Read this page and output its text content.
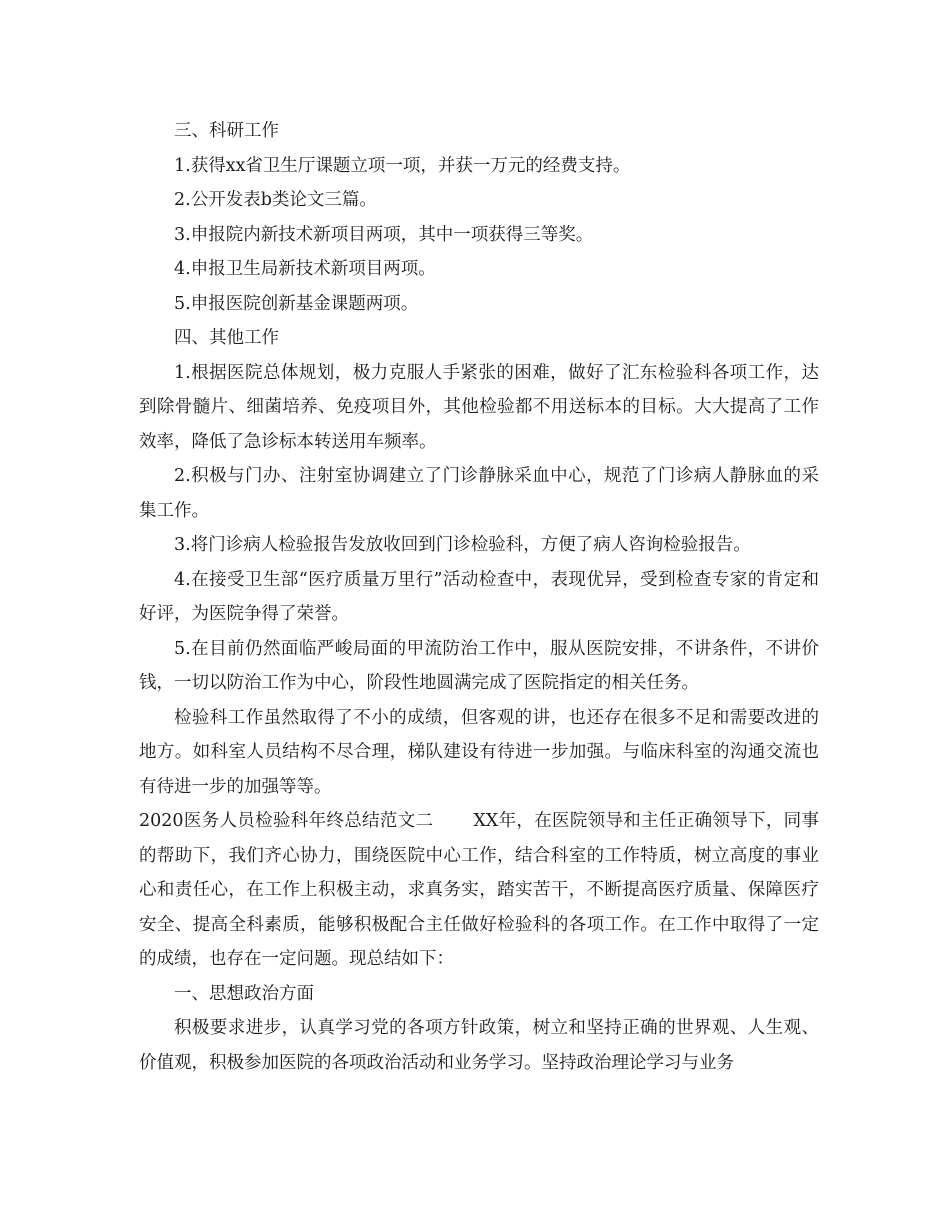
三、科研工作

1.获得xx省卫生厅课题立项一项，并获一万元的经费支持。

2.公开发表b类论文三篇。

3.申报院内新技术新项目两项，其中一项获得三等奖。

4.申报卫生局新技术新项目两项。

5.申报医院创新基金课题两项。

四、其他工作

1.根据医院总体规划，极力克服人手紧张的困难，做好了汇东检验科各项工作，达到除骨髓片、细菌培养、免疫项目外，其他检验都不用送标本的目标。大大提高了工作效率，降低了急诊标本转送用车频率。

2.积极与门办、注射室协调建立了门诊静脉采血中心，规范了门诊病人静脉血的采集工作。

3.将门诊病人检验报告发放收回到门诊检验科，方便了病人咨询检验报告。

4.在接受卫生部“医疗质量万里行”活动检查中，表现优异，受到检查专家的肯定和好评，为医院争得了荣誉。

5.在目前仍然面临严峻局面的甲流防治工作中，服从医院安排，不讲条件，不讲价钱，一切以防治工作为中心，阶段性地圆满完成了医院指定的相关任务。

检验科工作虽然取得了不小的成绩，但客观的讲，也还存在很多不足和需要改进的地方。如科室人员结构不尽合理，梯队建设有待进一步加强。与临床科室的沟通交流也有待进一步的加强等等。

2020医务人员检验科年终总结范文二 XX年，在医院领导和主任正确领导下，同事的帮助下，我们齐心协力，围绕医院中心工作，结合科室的工作特质，树立高度的事业心和责任心，在工作上积极主动，求真务实，踏实苦干，不断提高医疗质量、保障医疗安全、提高全科素质，能够积极配合主任做好检验科的各项工作。在工作中取得了一定的成绩，也存在一定问题。现总结如下：

一、思想政治方面

积极要求进步，认真学习党的各项方针政策，树立和坚持正确的世界观、人生观、价值观，积极参加医院的各项政治活动和业务学习。坚持政治理论学习与业务
